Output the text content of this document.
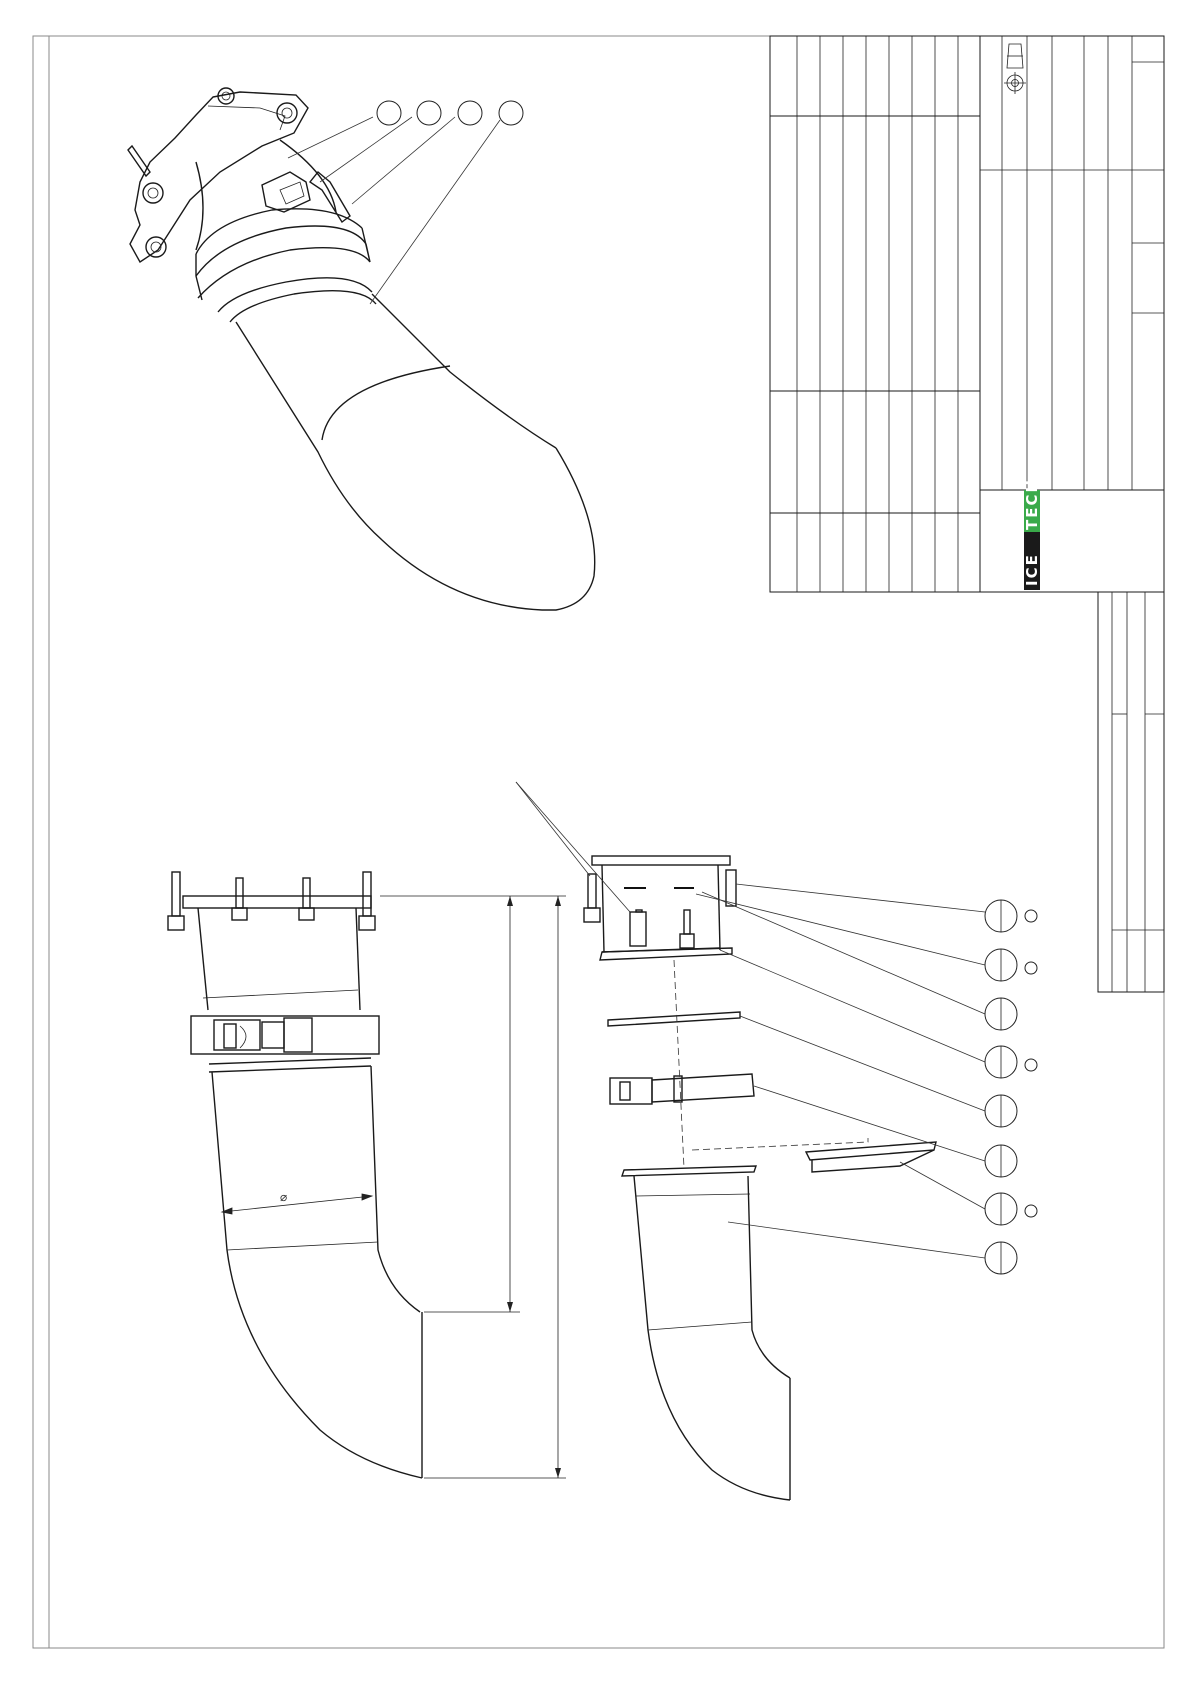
ICE
TECH
⌀
